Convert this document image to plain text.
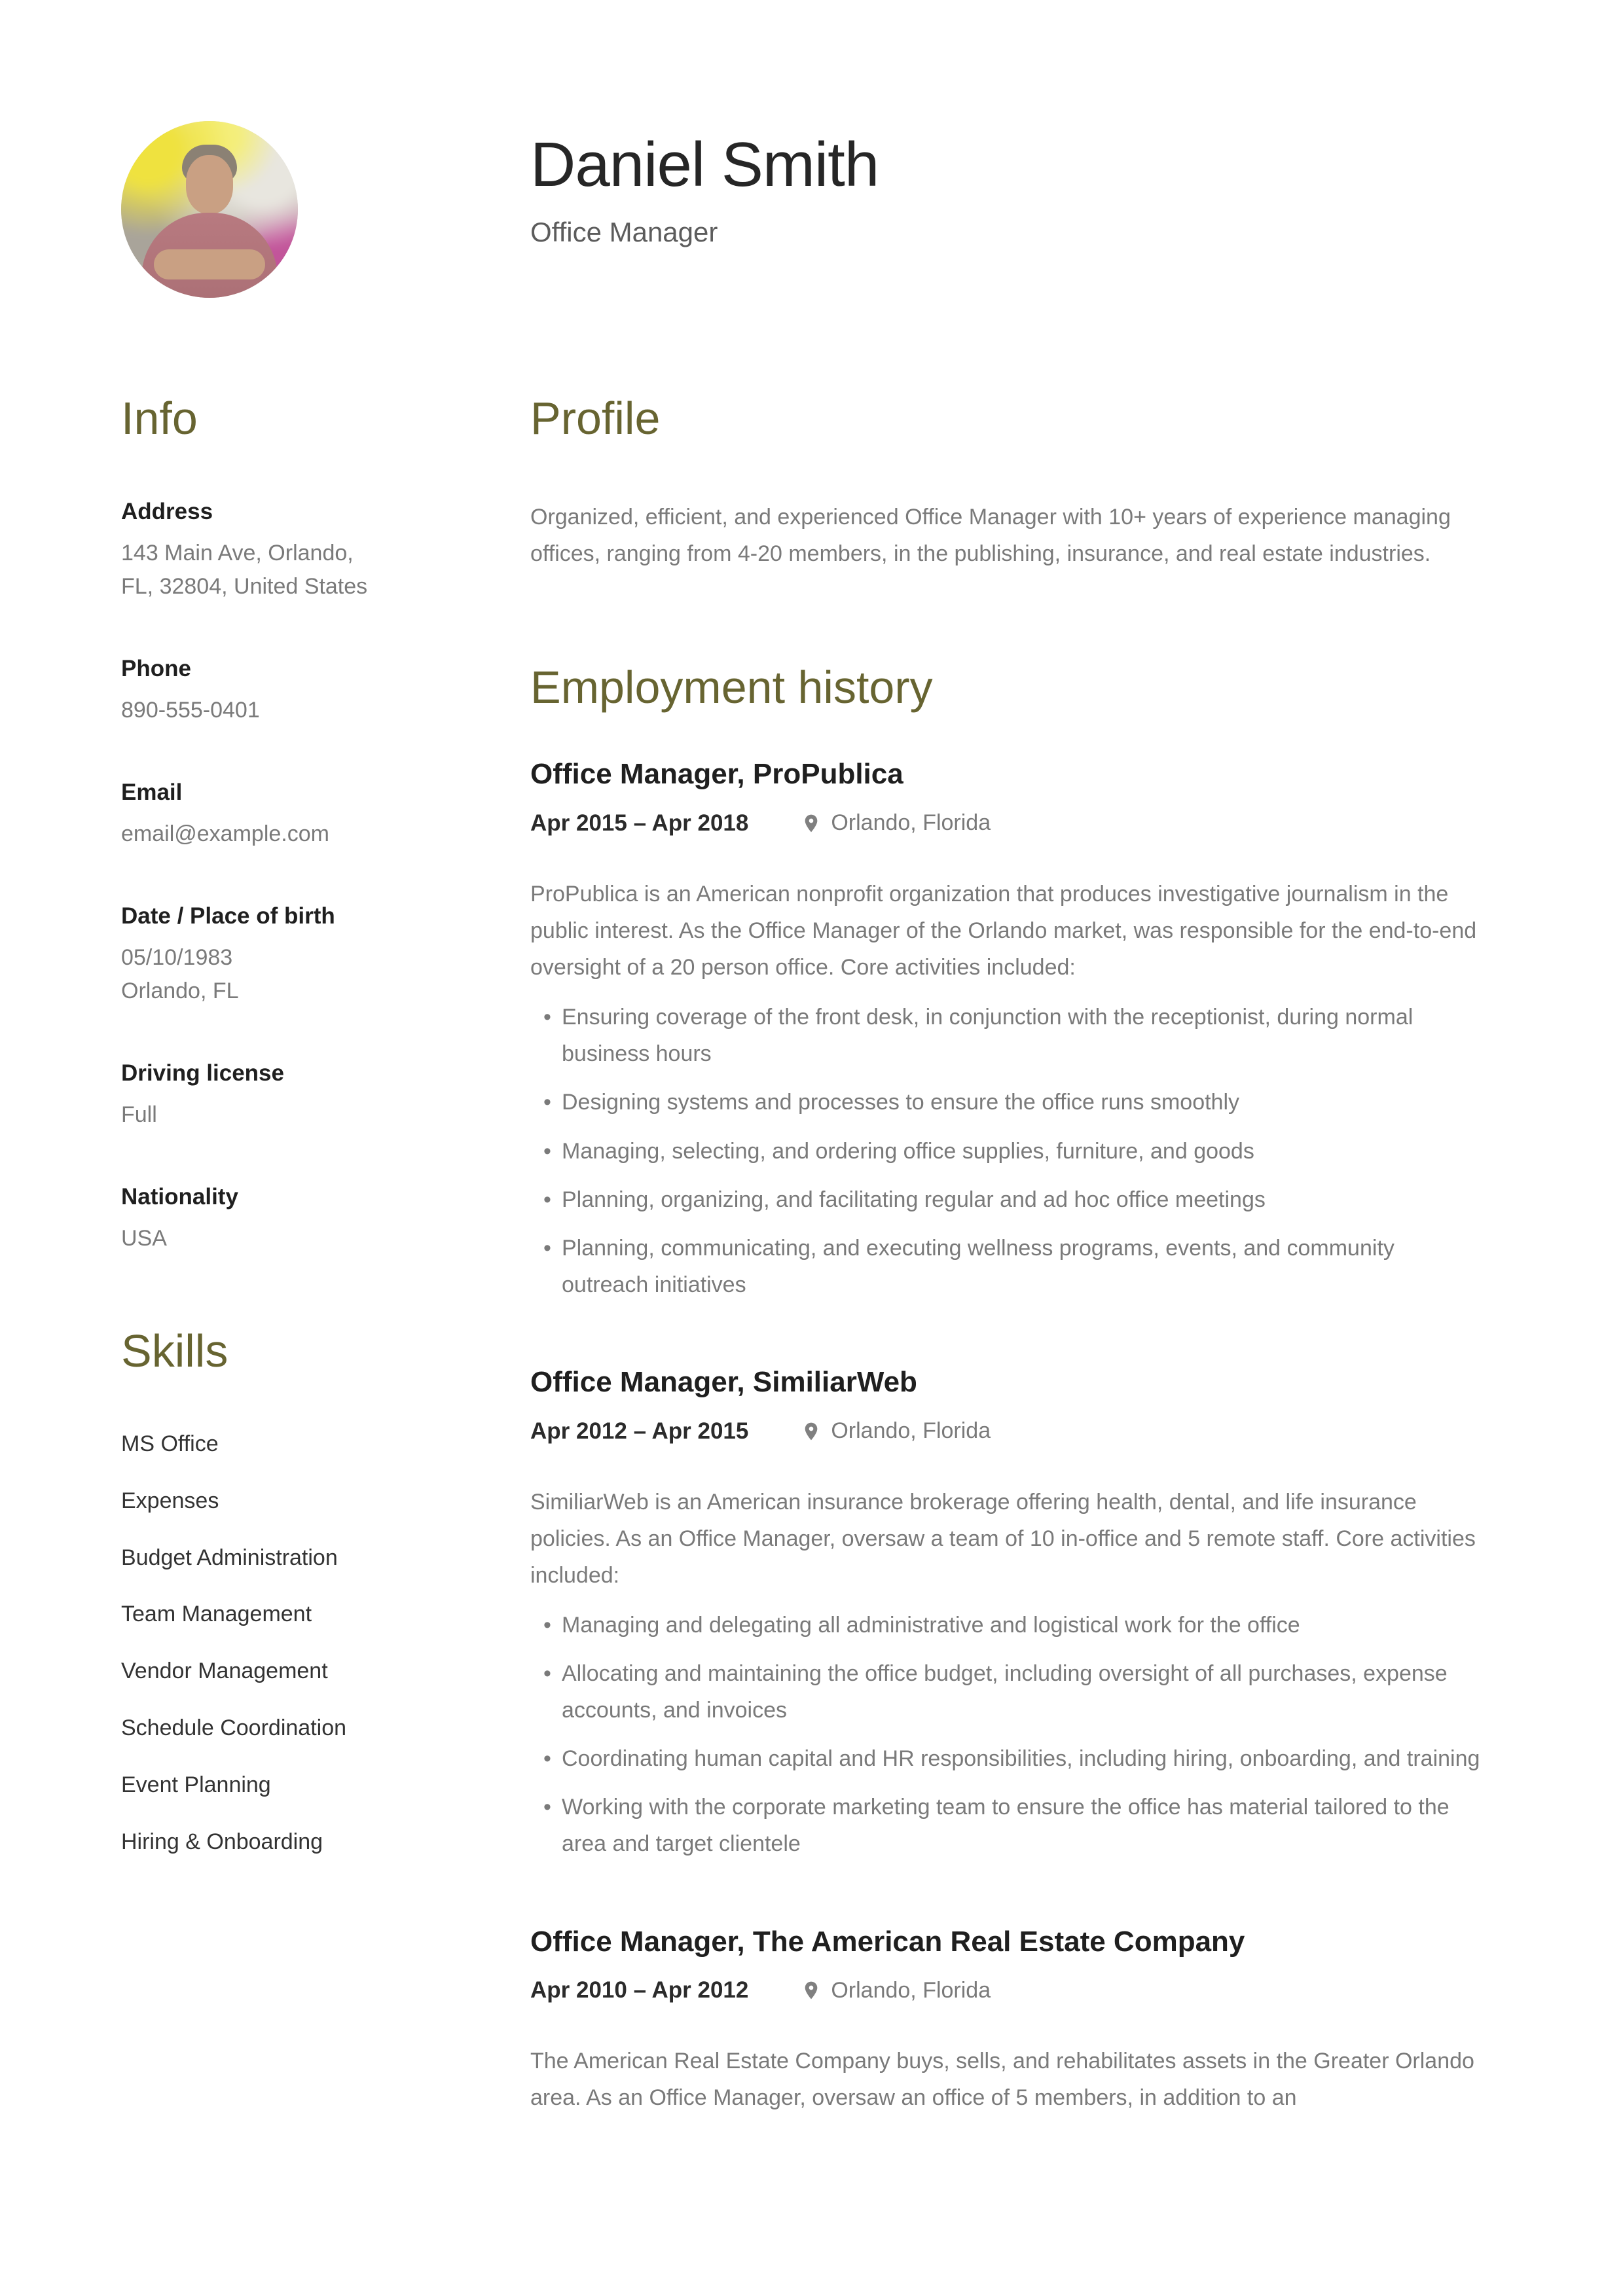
Daniel Smith
Office Manager
Info
Address
143 Main Ave, Orlando,
FL, 32804, United States
Phone
890-555-0401
Email
email@example.com
Date / Place of birth
05/10/1983
Orlando, FL
Driving license
Full
Nationality
USA
Skills
MS Office
Expenses
Budget Administration
Team Management
Vendor Management
Schedule Coordination
Event Planning
Hiring & Onboarding
Profile

Organized, efficient, and experienced Office Manager with 10+ years of experience managing offices, ranging from 4-20 members, in the publishing, insurance, and real estate industries.

Employment history
Office Manager, ProPublica
Apr 2015 – Apr 2018	Orlando, Florida

ProPublica is an American nonprofit organization that produces investigative journalism in the public interest. As the Office Manager of the Orlando market, was responsible for the end-to-end oversight of a 20 person office. Core activities included:

• Ensuring coverage of the front desk, in conjunction with the receptionist, during normal business hours
• Designing systems and processes to ensure the office runs smoothly
• Managing, selecting, and ordering office supplies, furniture, and goods
• Planning, organizing, and facilitating regular and ad hoc office meetings
• Planning, communicating, and executing wellness programs, events, and community outreach initiatives
Office Manager, SimiliarWeb
Apr 2012 – Apr 2015	Orlando, Florida

SimiliarWeb is an American insurance brokerage offering health, dental, and life insurance policies. As an Office Manager, oversaw a team of 10 in-office and 5 remote staff. Core activities included:

• Managing and delegating all administrative and logistical work for the office
• Allocating and maintaining the office budget, including oversight of all purchases, expense accounts, and invoices
• Coordinating human capital and HR responsibilities, including hiring, onboarding, and training
• Working with the corporate marketing team to ensure the office has material tailored to the area and target clientele
Office Manager, The American Real Estate Company
Apr 2010 – Apr 2012	Orlando, Florida

The American Real Estate Company buys, sells, and rehabilitates assets in the Greater Orlando area. As an Office Manager, oversaw an office of 5 members, in addition to an
